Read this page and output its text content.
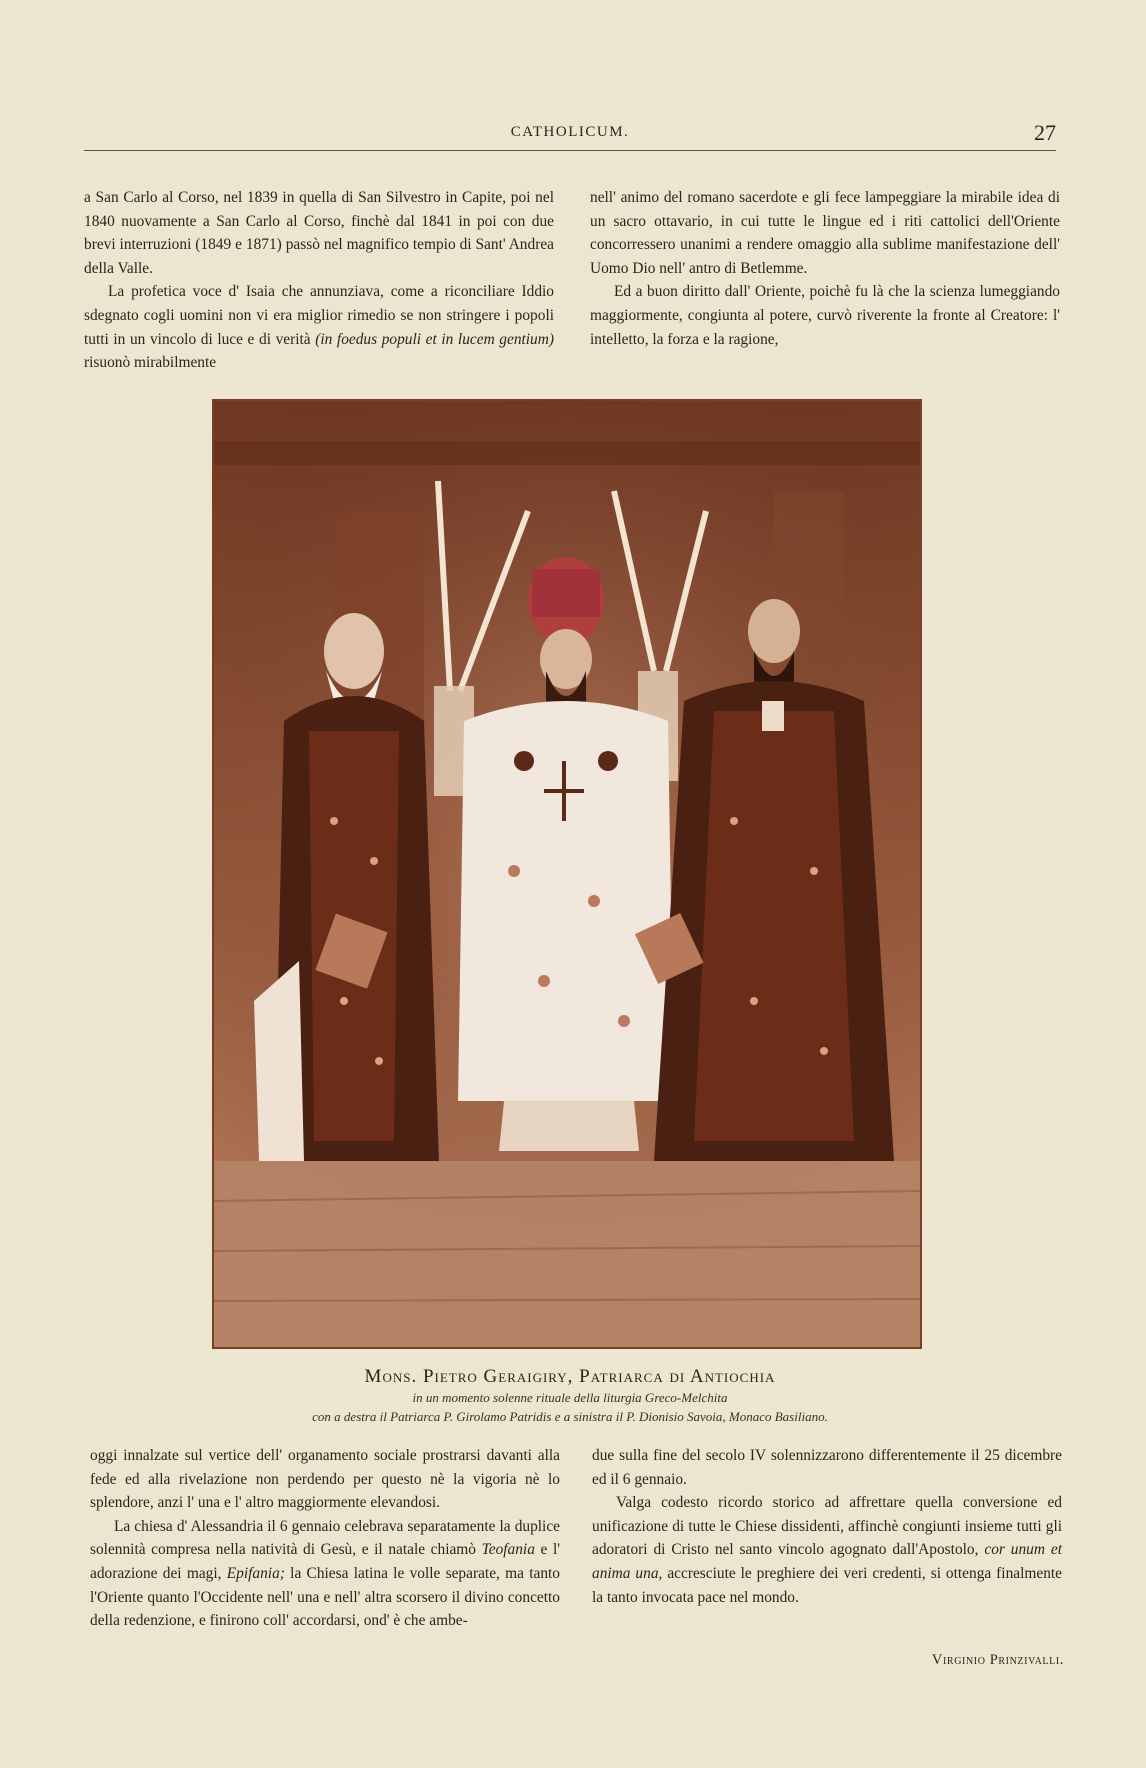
CATHOLICUM.	27

a San Carlo al Corso, nel 1839 in quella di San Silvestro in Capite, poi nel 1840 nuovamente a San Carlo al Corso, finchè dal 1841 in poi con due brevi interruzioni (1849 e 1871) passò nel magnifico tempio di Sant' Andrea della Valle.

La profetica voce d' Isaia che annunziava, come a riconciliare Iddio sdegnato cogli uomini non vi era miglior rimedio se non stringere i popoli tutti in un vincolo di luce e di verità (in foedus populi et in lucem gentium) risuonò mirabilmente

nell' animo del romano sacerdote e gli fece lampeggiare la mirabile idea di un sacro ottavario, in cui tutte le lingue ed i riti cattolici dell'Oriente concorressero unanimi a rendere omaggio alla sublime manifestazione dell' Uomo Dio nell' antro di Betlemme.

Ed a buon diritto dall' Oriente, poichè fu là che la scienza lumeggiando maggiormente, congiunta al potere, curvò riverente la fronte al Creatore: l' intelletto, la forza e la ragione,

Mons. Pietro Geraigiry, Patriarca di Antiochia
in un momento solenne rituale della liturgia Greco-Melchita
con a destra il Patriarca P. Girolamo Patridis e a sinistra il P. Dionisio Savoia, Monaco Basiliano.

oggi innalzate sul vertice dell' organamento sociale prostrarsi davanti alla fede ed alla rivelazione non perdendo per questo nè la vigoria nè lo splendore, anzi l' una e l' altro maggiormente elevandosi.

La chiesa d' Alessandria il 6 gennaio celebrava separatamente la duplice solennità compresa nella natività di Gesù, e il natale chiamò Teofania e l' adorazione dei magi, Epifania; la Chiesa latina le volle separate, ma tanto l'Oriente quanto l'Occidente nell' una e nell' altra scorsero il divino concetto della redenzione, e finirono coll' accordarsi, ond' è che ambe-

due sulla fine del secolo IV solennizzarono differentemente il 25 dicembre ed il 6 gennaio.

Valga codesto ricordo storico ad affrettare quella conversione ed unificazione di tutte le Chiese dissidenti, affinchè congiunti insieme tutti gli adoratori di Cristo nel santo vincolo agognato dall'Apostolo, cor unum et anima una, accresciute le preghiere dei veri credenti, si ottenga finalmente la tanto invocata pace nel mondo.

Virginio Prinzivalli.
